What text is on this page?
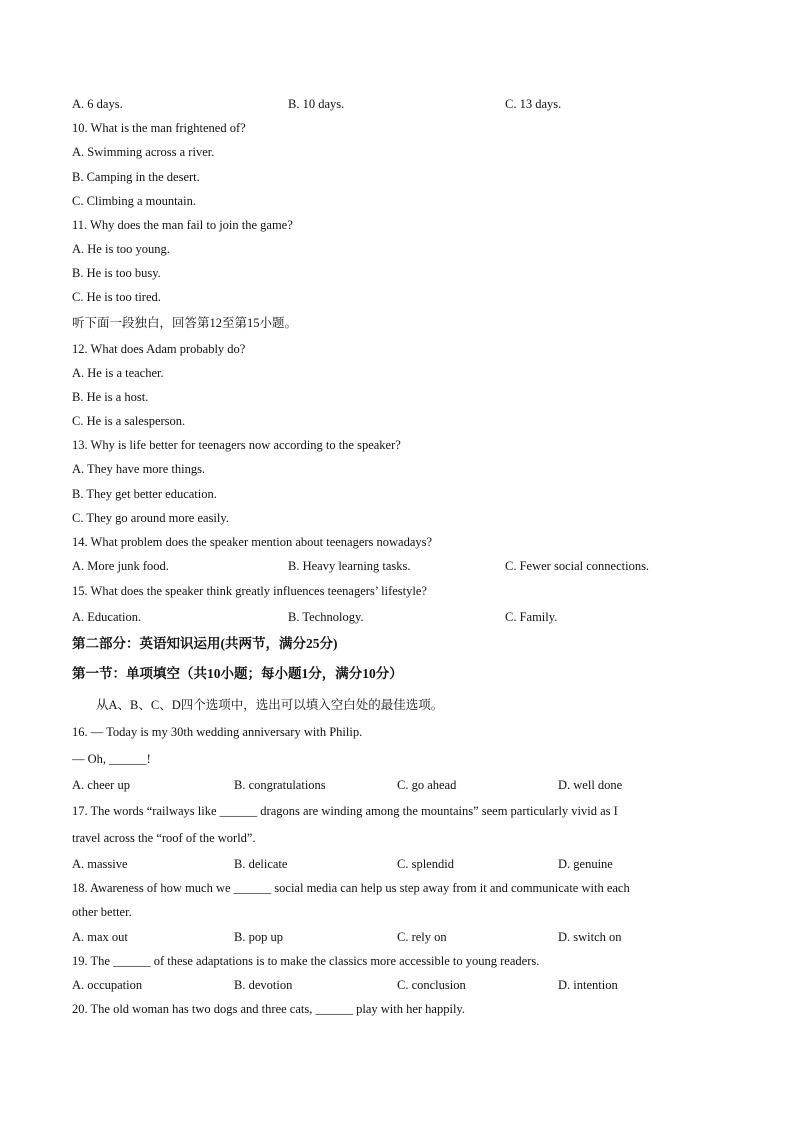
A. 6 days.	B. 10 days.	C. 13 days.
10. What is the man frightened of?
A. Swimming across a river.
B. Camping in the desert.
C. Climbing a mountain.
11. Why does the man fail to join the game?
A. He is too young.
B. He is too busy.
C. He is too tired.
听下面一段独白，回答第12至第15小题。
12. What does Adam probably do?
A. He is a teacher.
B. He is a host.
C. He is a salesperson.
13. Why is life better for teenagers now according to the speaker?
A. They have more things.
B. They get better education.
C. They go around more easily.
14. What problem does the speaker mention about teenagers nowadays?
A. More junk food.	B. Heavy learning tasks.	C. Fewer social connections.
15. What does the speaker think greatly influences teenagers’ lifestyle?
A. Education.	B. Technology.	C. Family.
第二部分：英语知识运用(共两节，满分25分)
第一节：单项填空（共10小题；每小题1分，满分10分）
从A、B、C、D四个选项中，选出可以填入空白处的最佳选项。
16. — Today is my 30th wedding anniversary with Philip.
— Oh, ______!
A. cheer up	B. congratulations	C. go ahead	D. well done
17. The words “railways like ______ dragons are winding among the mountains” seem particularly vivid as I
travel across the “roof of the world”.
A. massive	B. delicate	C. splendid	D. genuine
18. Awareness of how much we ______ social media can help us step away from it and communicate with each
other better.
A. max out	B. pop up	C. rely on	D. switch on
19. The ______ of these adaptations is to make the classics more accessible to young readers.
A. occupation	B. devotion	C. conclusion	D. intention
20. The old woman has two dogs and three cats, ______ play with her happily.
